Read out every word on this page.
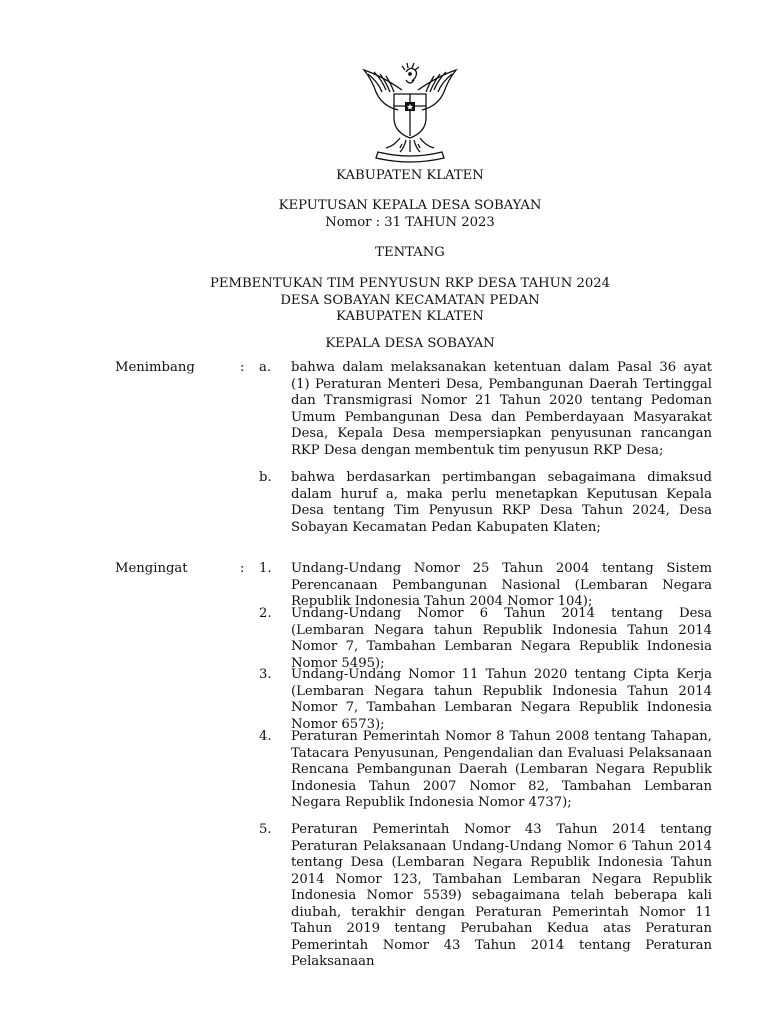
KABUPATEN KLATEN
KEPUTUSAN KEPALA DESA SOBAYAN
Nomor : 31 TAHUN 2023
TENTANG
PEMBENTUKAN TIM PENYUSUN RKP DESA TAHUN 2024
DESA SOBAYAN KECAMATAN PEDAN
KABUPATEN KLATEN
KEPALA DESA SOBAYAN
Menimbang	: a. bahwa dalam melaksanakan ketentuan dalam Pasal 36 ayat (1) Peraturan Menteri Desa, Pembangunan Daerah Tertinggal dan Transmigrasi Nomor 21 Tahun 2020 tentang Pedoman Umum Pembangunan Desa dan Pemberdayaan Masyarakat Desa, Kepala Desa mempersiapkan penyusunan rancangan RKP Desa dengan membentuk tim penyusun RKP Desa;
b. bahwa berdasarkan pertimbangan sebagaimana dimaksud dalam huruf a, maka perlu menetapkan Keputusan Kepala Desa tentang Tim Penyusun RKP Desa Tahun 2024, Desa Sobayan Kecamatan Pedan Kabupaten Klaten;
Mengingat	: 1. Undang-Undang Nomor 25 Tahun 2004 tentang Sistem Perencanaan Pembangunan Nasional (Lembaran Negara Republik Indonesia Tahun 2004 Nomor 104);
2. Undang-Undang Nomor 6 Tahun 2014 tentang Desa (Lembaran Negara tahun Republik Indonesia Tahun 2014 Nomor 7, Tambahan Lembaran Negara Republik Indonesia Nomor 5495);
3. Undang-Undang Nomor 11 Tahun 2020 tentang Cipta Kerja (Lembaran Negara tahun Republik Indonesia Tahun 2014 Nomor 7, Tambahan Lembaran Negara Republik Indonesia Nomor 6573);
4. Peraturan Pemerintah Nomor 8 Tahun 2008 tentang Tahapan, Tatacara Penyusunan, Pengendalian dan Evaluasi Pelaksanaan Rencana Pembangunan Daerah (Lembaran Negara Republik Indonesia Tahun 2007 Nomor 82, Tambahan Lembaran Negara Republik Indonesia Nomor 4737);
5. Peraturan Pemerintah Nomor 43 Tahun 2014 tentang Peraturan Pelaksanaan Undang-Undang Nomor 6 Tahun 2014 tentang Desa (Lembaran Negara Republik Indonesia Tahun 2014 Nomor 123, Tambahan Lembaran Negara Republik Indonesia Nomor 5539) sebagaimana telah beberapa kali diubah, terakhir dengan Peraturan Pemerintah Nomor 11 Tahun 2019 tentang Perubahan Kedua atas Peraturan Pemerintah Nomor 43 Tahun 2014 tentang Peraturan Pelaksanaan
